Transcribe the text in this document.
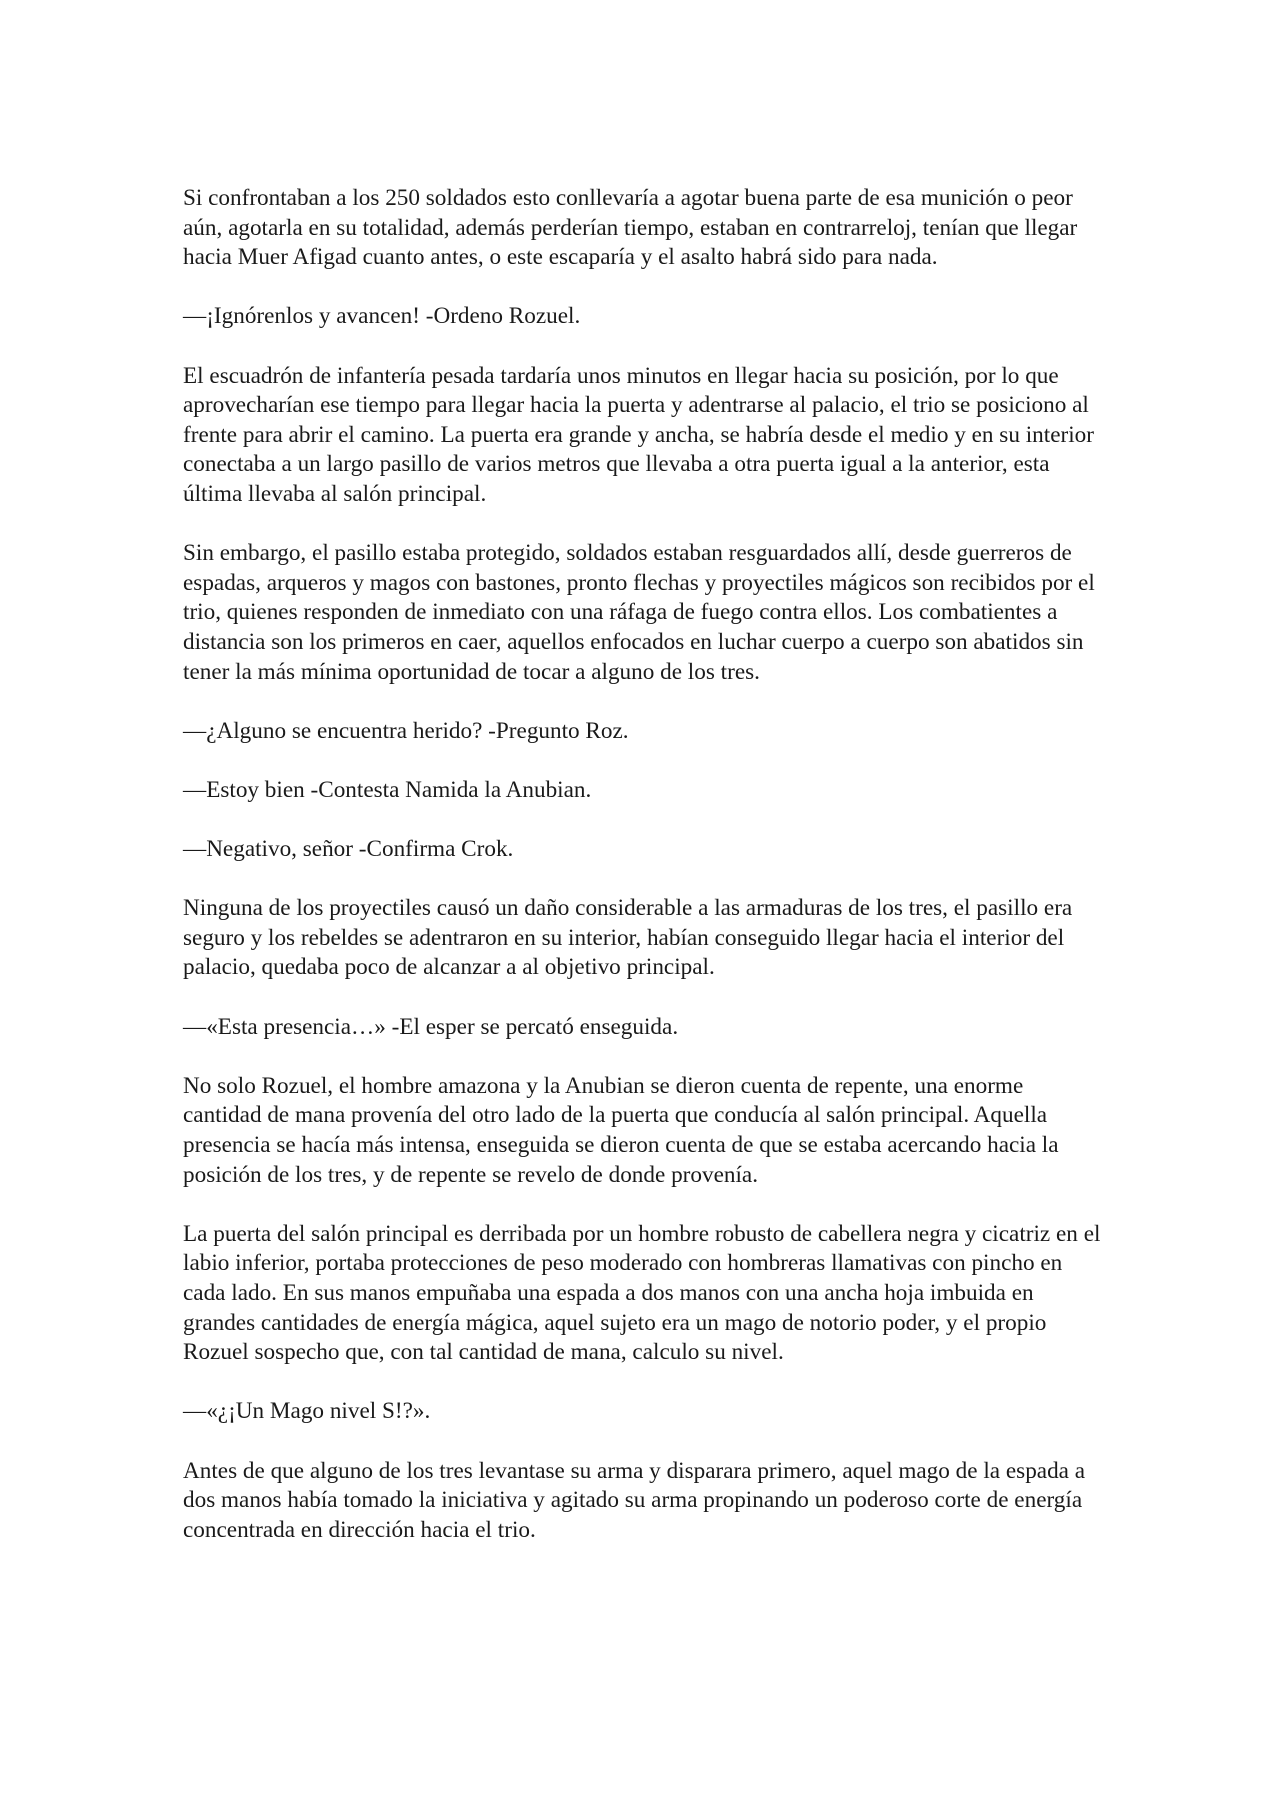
Si confrontaban a los 250 soldados esto conllevaría a agotar buena parte de esa munición o peor aún, agotarla en su totalidad, además perderían tiempo, estaban en contrarreloj, tenían que llegar hacia Muer Afigad cuanto antes, o este escaparía y el asalto habrá sido para nada.

—¡Ignórenlos y avancen! -Ordeno Rozuel.

El escuadrón de infantería pesada tardaría unos minutos en llegar hacia su posición, por lo que aprovecharían ese tiempo para llegar hacia la puerta y adentrarse al palacio, el trio se posiciono al frente para abrir el camino. La puerta era grande y ancha, se habría desde el medio y en su interior conectaba a un largo pasillo de varios metros que llevaba a otra puerta igual a la anterior, esta última llevaba al salón principal.

Sin embargo, el pasillo estaba protegido, soldados estaban resguardados allí, desde guerreros de espadas, arqueros y magos con bastones, pronto flechas y proyectiles mágicos son recibidos por el trio, quienes responden de inmediato con una ráfaga de fuego contra ellos. Los combatientes a distancia son los primeros en caer, aquellos enfocados en luchar cuerpo a cuerpo son abatidos sin tener la más mínima oportunidad de tocar a alguno de los tres.

—¿Alguno se encuentra herido? -Pregunto Roz.

—Estoy bien -Contesta Namida la Anubian.

—Negativo, señor -Confirma Crok.

Ninguna de los proyectiles causó un daño considerable a las armaduras de los tres, el pasillo era seguro y los rebeldes se adentraron en su interior, habían conseguido llegar hacia el interior del palacio, quedaba poco de alcanzar a al objetivo principal.

—«Esta presencia…» -El esper se percató enseguida.

No solo Rozuel, el hombre amazona y la Anubian se dieron cuenta de repente, una enorme cantidad de mana provenía del otro lado de la puerta que conducía al salón principal. Aquella presencia se hacía más intensa, enseguida se dieron cuenta de que se estaba acercando hacia la posición de los tres, y de repente se revelo de donde provenía.

La puerta del salón principal es derribada por un hombre robusto de cabellera negra y cicatriz en el labio inferior, portaba protecciones de peso moderado con hombreras llamativas con pincho en cada lado. En sus manos empuñaba una espada a dos manos con una ancha hoja imbuida en grandes cantidades de energía mágica, aquel sujeto era un mago de notorio poder, y el propio Rozuel sospecho que, con tal cantidad de mana, calculo su nivel.

—«¿¡Un Mago nivel S!?».

Antes de que alguno de los tres levantase su arma y disparara primero, aquel mago de la espada a dos manos había tomado la iniciativa y agitado su arma propinando un poderoso corte de energía concentrada en dirección hacia el trio.
